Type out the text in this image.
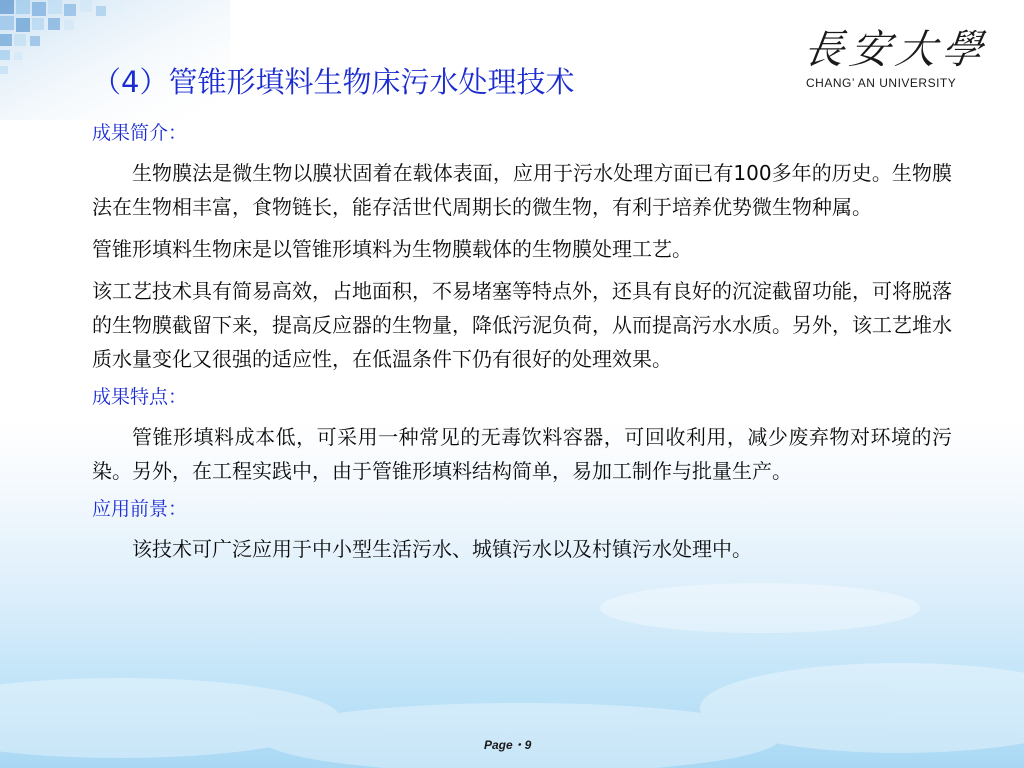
長安大學
CHANG’ AN UNIVERSITY
（4）管锥形填料生物床污水处理技术
成果简介：

生物膜法是微生物以膜状固着在载体表面，应用于污水处理方面已有100多年的历史。生物膜法在生物相丰富，食物链长，能存活世代周期长的微生物，有利于培养优势微生物种属。

管锥形填料生物床是以管锥形填料为生物膜载体的生物膜处理工艺。

该工艺技术具有简易高效，占地面积，不易堵塞等特点外，还具有良好的沉淀截留功能，可将脱落的生物膜截留下来，提高反应器的生物量，降低污泥负荷，从而提高污水水质。另外，该工艺堆水质水量变化又很强的适应性，在低温条件下仍有很好的处理效果。

成果特点：

管锥形填料成本低，可采用一种常见的无毒饮料容器，可回收利用，减少废弃物对环境的污染。另外，在工程实践中，由于管锥形填料结构简单，易加工制作与批量生产。

应用前景：

该技术可广泛应用于中小型生活污水、城镇污水以及村镇污水处理中。

Page・9
